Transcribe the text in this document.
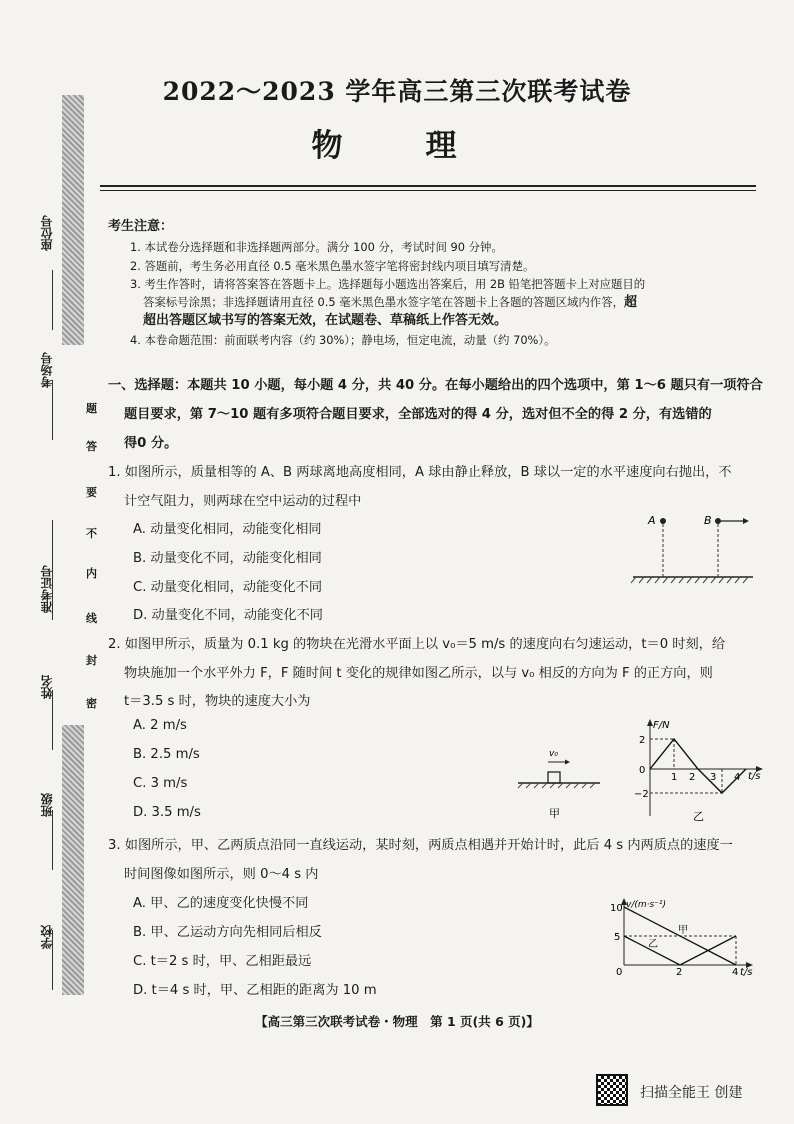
座位号
考场号
准考证号
姓名
班级
学校
题
答
要
不
内
线
封
密
2022～2023 学年高三第三次联考试卷
物　理
考生注意：
1. 本试卷分选择题和非选择题两部分。满分 100 分，考试时间 90 分钟。
2. 答题前，考生务必用直径 0.5 毫米黑色墨水签字笔将密封线内项目填写清楚。
3. 考生作答时，请将答案答在答题卡上。选择题每小题选出答案后，用 2B 铅笔把答题卡上对应题目的
答案标号涂黑；非选择题请用直径 0.5 毫米黑色墨水签字笔在答题卡上各题的答题区域内作答，超
超出答题区域书写的答案无效，在试题卷、草稿纸上作答无效。
4. 本卷命题范围：前面联考内容（约 30%）；静电场，恒定电流，动量（约 70%）。
一、选择题：本题共 10 小题，每小题 4 分，共 40 分。在每小题给出的四个选项中，第 1～6 题只有一项符合
题目要求，第 7～10 题有多项符合题目要求，全部选对的得 4 分，选对但不全的得 2 分，有选错的
得0 分。
1. 如图所示，质量相等的 A、B 两球离地高度相同，A 球由静止释放，B 球以一定的水平速度向右抛出，不
计空气阻力，则两球在空中运动的过程中
A. 动量变化相同，动能变化相同
B. 动量变化不同，动能变化相同
C. 动量变化相同，动能变化不同
D. 动量变化不同，动能变化不同
2. 如图甲所示，质量为 0.1 kg 的物块在光滑水平面上以 v₀＝5 m/s 的速度向右匀速运动，t＝0 时刻，给
物块施加一个水平外力 F，F 随时间 t 变化的规律如图乙所示，以与 v₀ 相反的方向为 F 的正方向，则
t＝3.5 s 时，物块的速度大小为
A. 2 m/s
B. 2.5 m/s
C. 3 m/s
D. 3.5 m/s
3. 如图所示，甲、乙两质点沿同一直线运动，某时刻，两质点相遇并开始计时，此后 4 s 内两质点的速度一
时间图像如图所示，则 0～4 s 内
A. 甲、乙的速度变化快慢不同
B. 甲、乙运动方向先相同后相反
C. t＝2 s 时，甲、乙相距最远
D. t＝4 s 时，甲、乙相距的距离为 10 m
A	B
v₀
甲
F/N
t/s
2
0
−2
1 2 3 4
乙
v/(m·s⁻¹)
t/s
10
5
0	2	4
甲
乙
【高三第三次联考试卷・物理　第 1 页(共 6 页)】
扫描全能王 创建
